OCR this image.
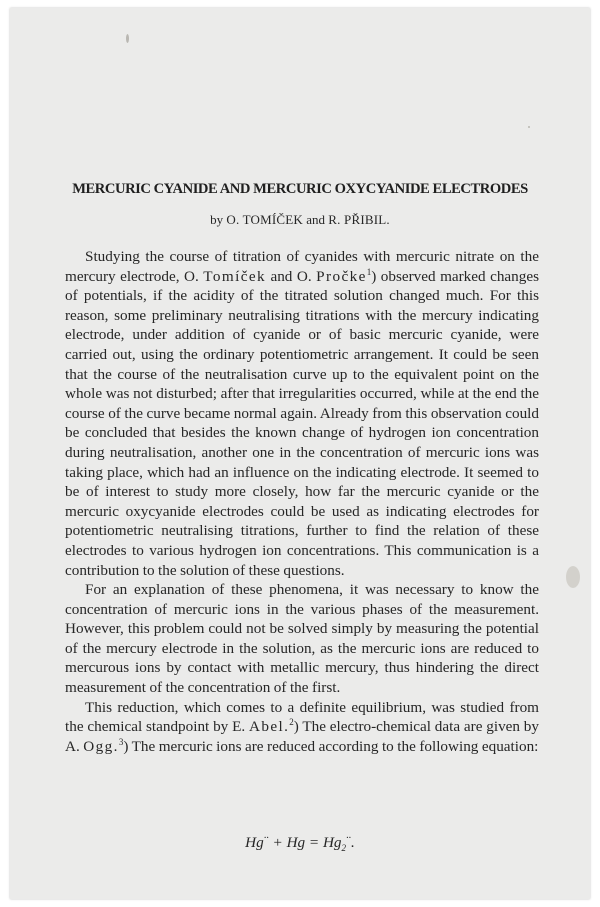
MERCURIC CYANIDE AND MERCURIC OXYCYANIDE ELECTRODES
by O. TOMÍČEK and R. PŘIBIL.

Studying the course of titration of cyanides with mercuric nitrate on the mercury electrode, O. Tomíček and O. Pročke$^1$) observed marked changes of potentials, if the acidity of the titrated solution changed much. For this reason, some preliminary neutralising titrations with the mercury indicating electrode, under addition of cyanide or of basic mercuric cyanide, were carried out, using the ordinary potentiometric arrangement. It could be seen that the course of the neutralisation curve up to the equivalent point on the whole was not disturbed; after that irregularities occurred, while at the end the course of the curve became normal again. Already from this observation could be concluded that besides the known change of hydrogen ion concentration during neutralisation, another one in the concentration of mercuric ions was taking place, which had an influence on the indicating electrode. It seemed to be of interest to study more closely, how far the mercuric cyanide or the mercuric oxycyanide electrodes could be used as indicating electrodes for potentiometric neutralising titrations, further to find the relation of these electrodes to various hydrogen ion concentrations. This communication is a contribution to the solution of these questions.

For an explanation of these phenomena, it was necessary to know the concentration of mercuric ions in the various phases of the measurement. However, this problem could not be solved simply by measuring the potential of the mercury electrode in the solution, as the mercuric ions are reduced to mercurous ions by contact with metallic mercury, thus hindering the direct measurement of the concentration of the first.

This reduction, which comes to a definite equilibrium, was studied from the chemical standpoint by E. Abel.$^2$) The electro-chemical data are given by A. Ogg.$^3$) The mercuric ions are reduced according to the following equation:

$Hg^{\cdot\cdot} + Hg = Hg_2^{\cdot\cdot}$.
